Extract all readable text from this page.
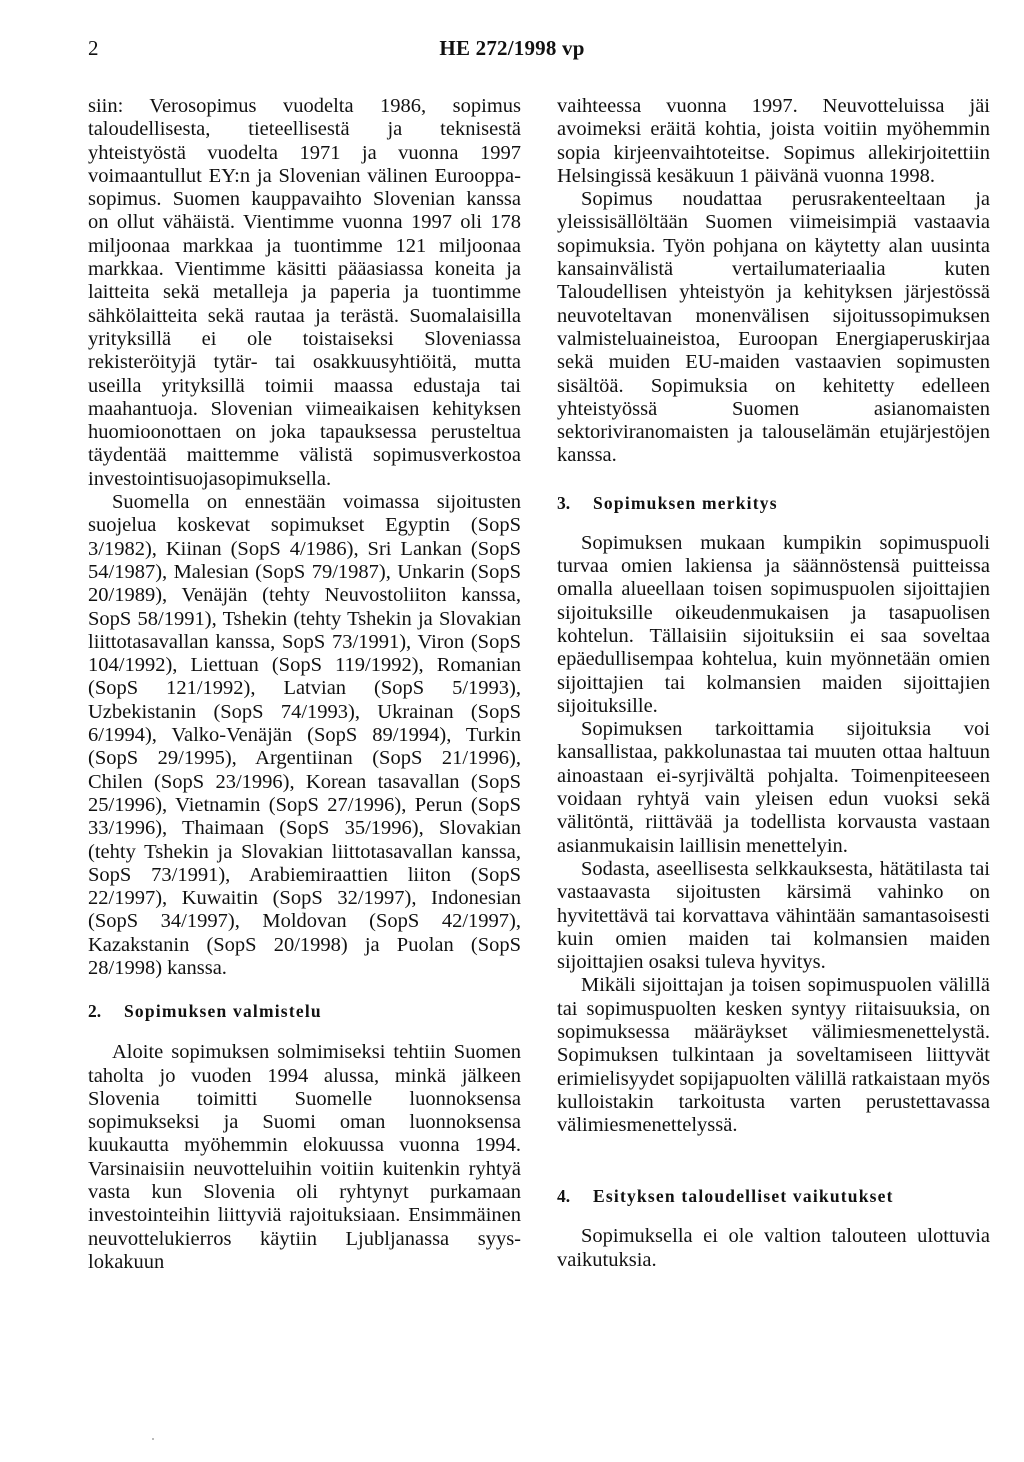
2	HE 272/1998 vp

siin: Verosopimus vuodelta 1986, sopimus taloudellisesta, tieteellisestä ja teknisestä yhteistyöstä vuodelta 1971 ja vuonna 1997 voimaantullut EY:n ja Slovenian välinen Eurooppa-sopimus. Suomen kauppavaihto Slovenian kanssa on ollut vähäistä. Vientimme vuonna 1997 oli 178 miljoonaa markkaa ja tuontimme 121 miljoonaa markkaa. Vientimme käsitti pääasiassa koneita ja laitteita sekä metalleja ja paperia ja tuontimme sähkölaitteita sekä rautaa ja terästä. Suomalaisilla yrityksillä ei ole toistaiseksi Sloveniassa rekisteröityjä tytär- tai osakkuusyhtiöitä, mutta useilla yrityksillä toimii maassa edustaja tai maahantuoja. Slovenian viimeaikaisen kehityksen huomioonottaen on joka tapauksessa perusteltua täydentää maittemme välistä sopimusverkostoa investointisuojasopimuksella.

Suomella on ennestään voimassa sijoitusten suojelua koskevat sopimukset Egyptin (SopS 3/1982), Kiinan (SopS 4/1986), Sri Lankan (SopS 54/1987), Malesian (SopS 79/1987), Unkarin (SopS 20/1989), Venäjän (tehty Neuvostoliiton kanssa, SopS 58/1991), Tshekin (tehty Tshekin ja Slovakian liittotasavallan kanssa, SopS 73/1991), Viron (SopS 104/1992), Liettuan (SopS 119/1992), Romanian (SopS 121/1992), Latvian (SopS 5/1993), Uzbekistanin (SopS 74/1993), Ukrainan (SopS 6/1994), Valko-Venäjän (SopS 89/1994), Turkin (SopS 29/1995), Argentiinan (SopS 21/1996), Chilen (SopS 23/1996), Korean tasavallan (SopS 25/1996), Vietnamin (SopS 27/1996), Perun (SopS 33/1996), Thaimaan (SopS 35/1996), Slovakian (tehty Tshekin ja Slovakian liittotasavallan kanssa, SopS 73/1991), Arabiemiraattien liiton (SopS 22/1997), Kuwaitin (SopS 32/1997), Indonesian (SopS 34/1997), Moldovan (SopS 42/1997), Kazakstanin (SopS 20/1998) ja Puolan (SopS 28/1998) kanssa.

2. Sopimuksen valmistelu

Aloite sopimuksen solmimiseksi tehtiin Suomen taholta jo vuoden 1994 alussa, minkä jälkeen Slovenia toimitti Suomelle luonnoksensa sopimukseksi ja Suomi oman luonnoksensa kuukautta myöhemmin elokuussa vuonna 1994. Varsinaisiin neuvotteluihin voitiin kuitenkin ryhtyä vasta kun Slovenia oli ryhtynyt purkamaan investointeihin liittyviä rajoituksiaan. Ensimmäinen neuvottelukierros käytiin Ljubljanassa syys-lokakuun

vaihteessa vuonna 1997. Neuvotteluissa jäi avoimeksi eräitä kohtia, joista voitiin myöhemmin sopia kirjeenvaihtoteitse. Sopimus allekirjoitettiin Helsingissä kesäkuun 1 päivänä vuonna 1998.

Sopimus noudattaa perusrakenteeltaan ja yleissisällöltään Suomen viimeisimpiä vastaavia sopimuksia. Työn pohjana on käytetty alan uusinta kansainvälistä vertailumateriaalia kuten Taloudellisen yhteistyön ja kehityksen järjestössä neuvoteltavan monenvälisen sijoitussopimuksen valmisteluaineistoa, Euroopan Energiaperuskirjaa sekä muiden EU-maiden vastaavien sopimusten sisältöä. Sopimuksia on kehitetty edelleen yhteistyössä Suomen asianomaisten sektoriviranomaisten ja talouselämän etujärjestöjen kanssa.

3. Sopimuksen merkitys

Sopimuksen mukaan kumpikin sopimuspuoli turvaa omien lakiensa ja säännöstensä puitteissa omalla alueellaan toisen sopimuspuolen sijoittajien sijoituksille oikeudenmukaisen ja tasapuolisen kohtelun. Tällaisiin sijoituksiin ei saa soveltaa epäedullisempaa kohtelua, kuin myönnetään omien sijoittajien tai kolmansien maiden sijoittajien sijoituksille.

Sopimuksen tarkoittamia sijoituksia voi kansallistaa, pakkolunastaa tai muuten ottaa haltuun ainoastaan ei-syrjivältä pohjalta. Toimenpiteeseen voidaan ryhtyä vain yleisen edun vuoksi sekä välitöntä, riittävää ja todellista korvausta vastaan asianmukaisin laillisin menettelyin.

Sodasta, aseellisesta selkkauksesta, hätätilasta tai vastaavasta sijoitusten kärsimä vahinko on hyvitettävä tai korvattava vähintään samantasoisesti kuin omien maiden tai kolmansien maiden sijoittajien osaksi tuleva hyvitys.

Mikäli sijoittajan ja toisen sopimuspuolen välillä tai sopimuspuolten kesken syntyy riitaisuuksia, on sopimuksessa määräykset välimiesmenettelystä. Sopimuksen tulkintaan ja soveltamiseen liittyvät erimielisyydet sopijapuolten välillä ratkaistaan myös kulloistakin tarkoitusta varten perustettavassa välimiesmenettelyssä.

4. Esityksen taloudelliset vaikutukset

Sopimuksella ei ole valtion talouteen ulottuvia vaikutuksia.
